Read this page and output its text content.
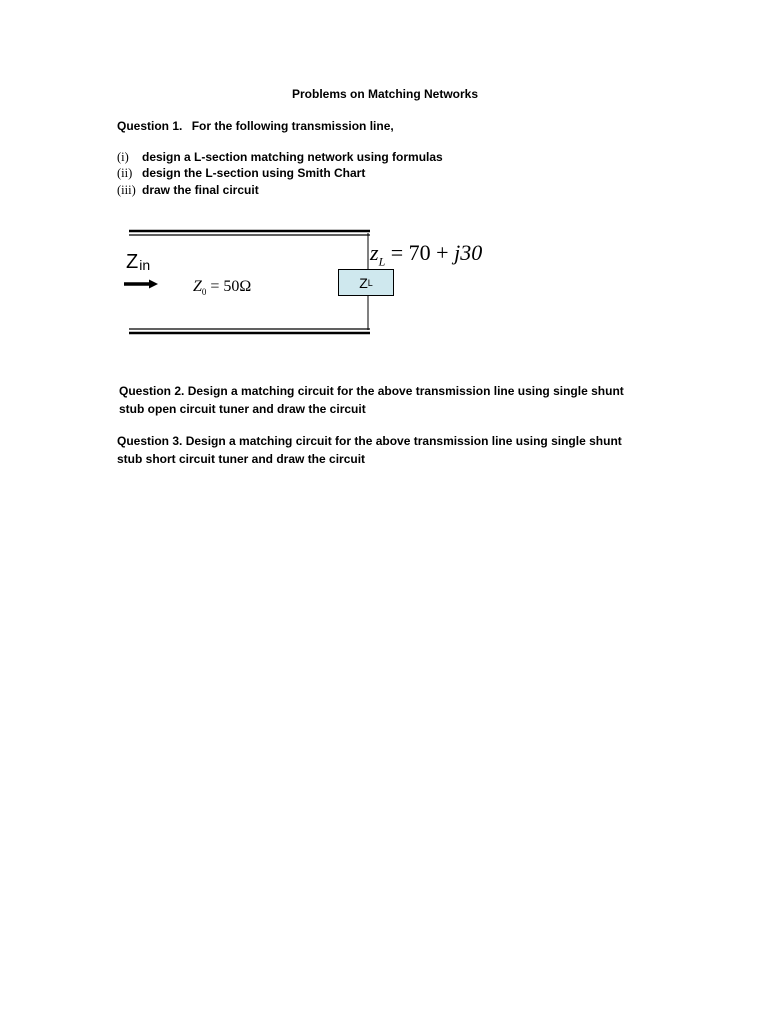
Problems on Matching Networks
Question 1. For the following transmission line,
(i) design a L-section matching network using formulas
(ii) design the L-section using Smith Chart
(iii) draw the final circuit
$Z_{in}$
$Z_0 = 50\Omega$
$z_L = 70 + j30$
Z L
Question 2. Design a matching circuit for the above transmission line using single shunt stub open circuit tuner and draw the circuit
Question 3. Design a matching circuit for the above transmission line using single shunt stub short circuit tuner and draw the circuit
